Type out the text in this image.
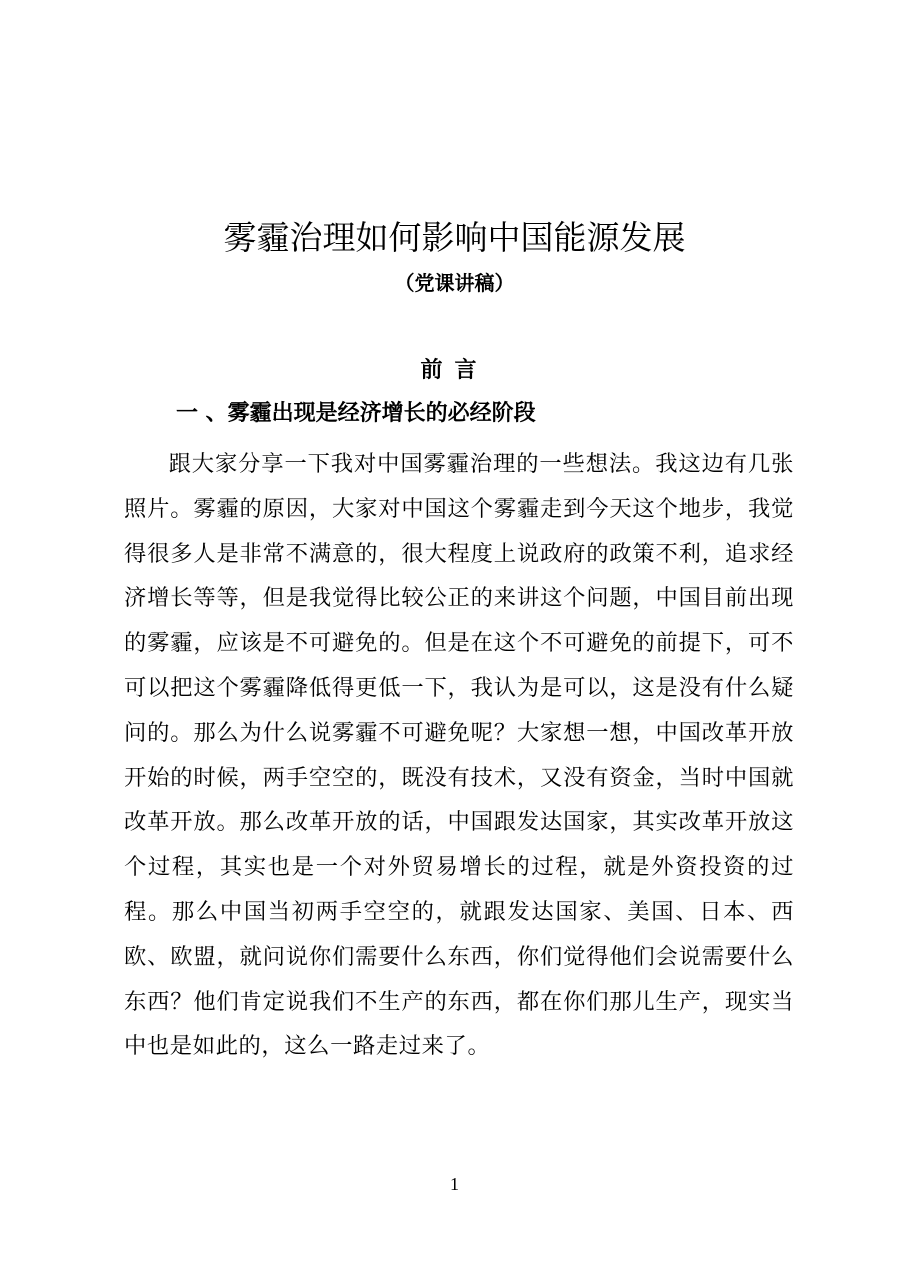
雾霾治理如何影响中国能源发展
（党课讲稿）
前言
一 、雾霾出现是经济增长的必经阶段

跟大家分享一下我对中国雾霾治理的一些想法。我这边有几张照片。雾霾的原因，大家对中国这个雾霾走到今天这个地步，我觉得很多人是非常不满意的，很大程度上说政府的政策不利，追求经济增长等等，但是我觉得比较公正的来讲这个问题，中国目前出现的雾霾，应该是不可避免的。但是在这个不可避免的前提下，可不可以把这个雾霾降低得更低一下，我认为是可以，这是没有什么疑问的。那么为什么说雾霾不可避免呢？大家想一想，中国改革开放开始的时候，两手空空的，既没有技术，又没有资金，当时中国就改革开放。那么改革开放的话，中国跟发达国家，其实改革开放这个过程，其实也是一个对外贸易增长的过程，就是外资投资的过程。那么中国当初两手空空的，就跟发达国家、美国、日本、西欧、欧盟，就问说你们需要什么东西，你们觉得他们会说需要什么东西？他们肯定说我们不生产的东西，都在你们那儿生产，现实当中也是如此的，这么一路走过来了。

1
